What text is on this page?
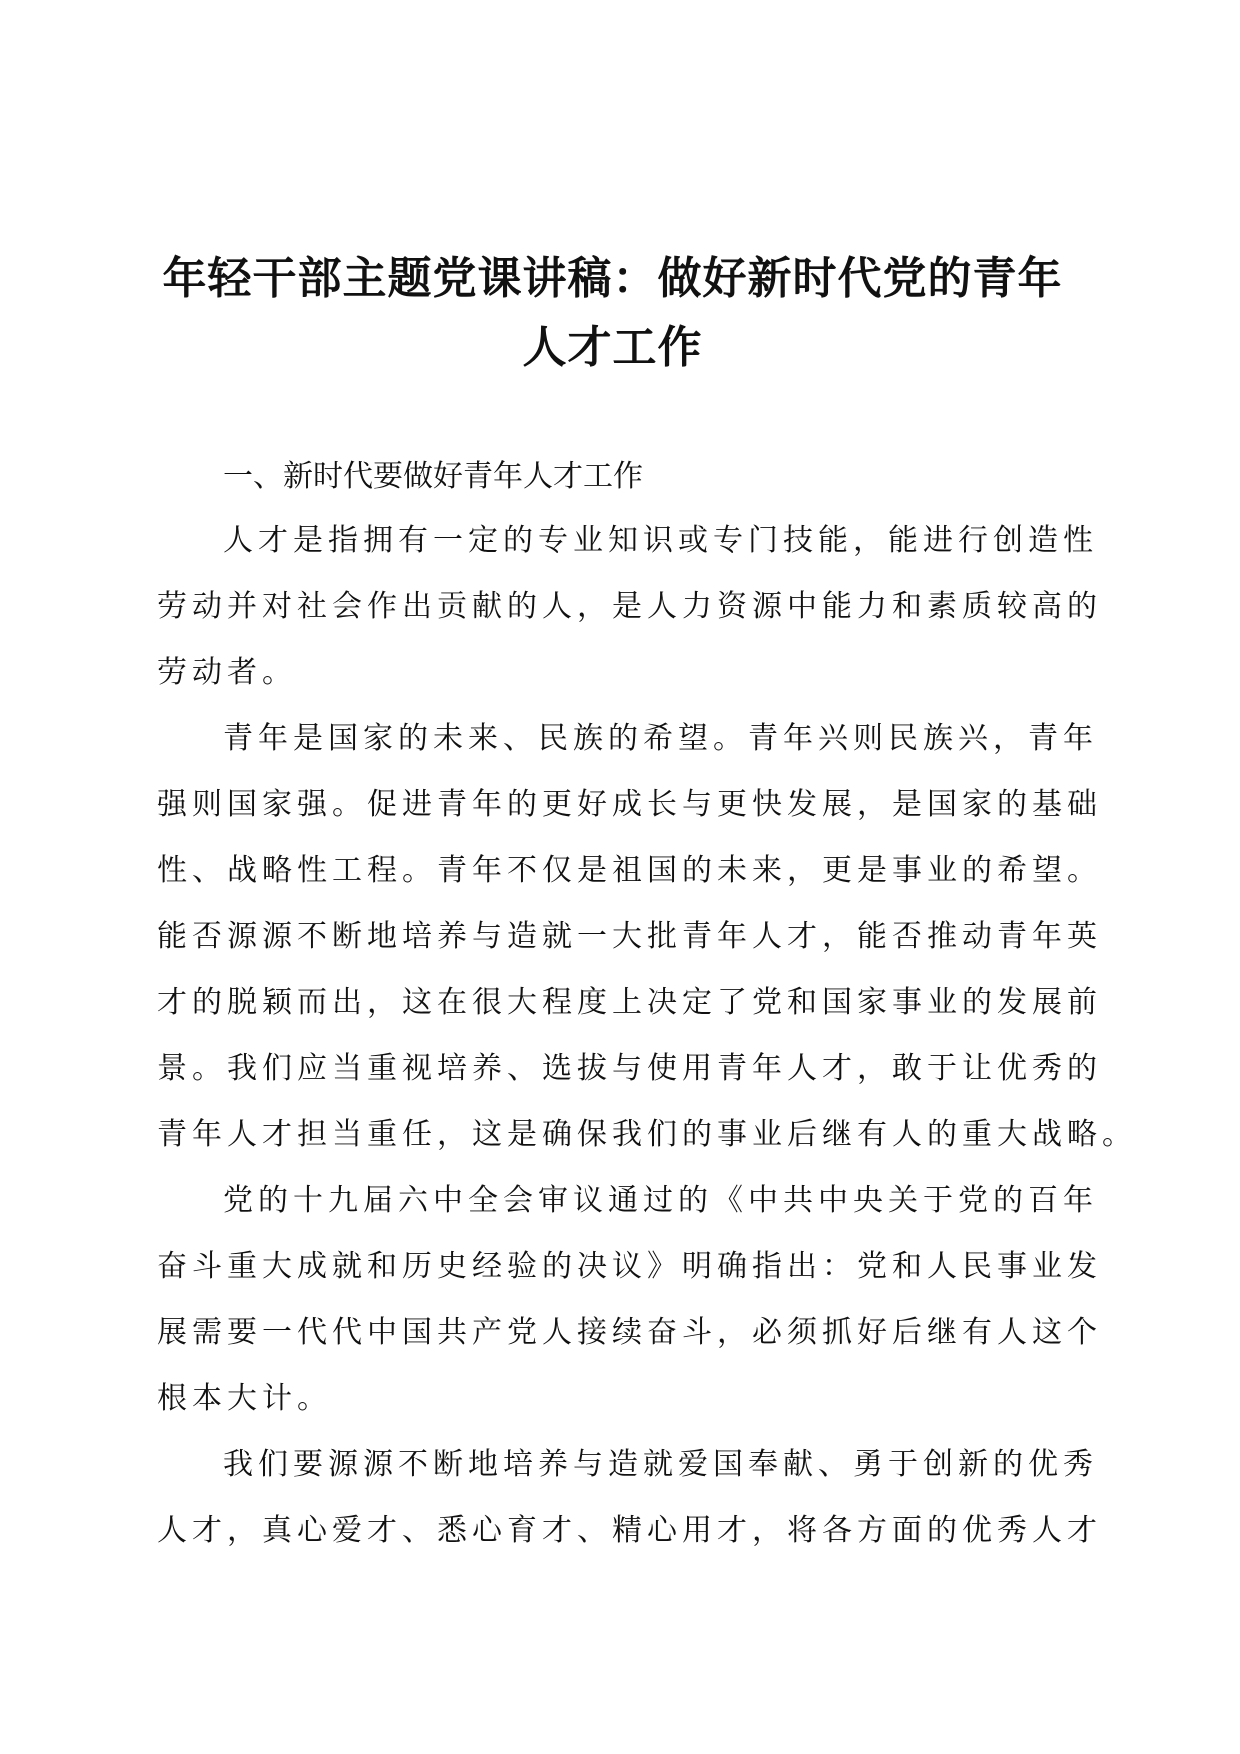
年轻干部主题党课讲稿：做好新时代党的青年
人才工作
一、新时代要做好青年人才工作

人才是指拥有一定的专业知识或专门技能，能进行创造性
劳动并对社会作出贡献的人，是人力资源中能力和素质较高的
劳动者。

青年是国家的未来、民族的希望。青年兴则民族兴，青年
强则国家强。促进青年的更好成长与更快发展，是国家的基础
性、战略性工程。青年不仅是祖国的未来，更是事业的希望。
能否源源不断地培养与造就一大批青年人才，能否推动青年英
才的脱颖而出，这在很大程度上决定了党和国家事业的发展前
景。我们应当重视培养、选拔与使用青年人才，敢于让优秀的
青年人才担当重任，这是确保我们的事业后继有人的重大战略。

党的十九届六中全会审议通过的《中共中央关于党的百年
奋斗重大成就和历史经验的决议》明确指出：党和人民事业发
展需要一代代中国共产党人接续奋斗，必须抓好后继有人这个
根本大计。

我们要源源不断地培养与造就爱国奉献、勇于创新的优秀
人才，真心爱才、悉心育才、精心用才，将各方面的优秀人才
